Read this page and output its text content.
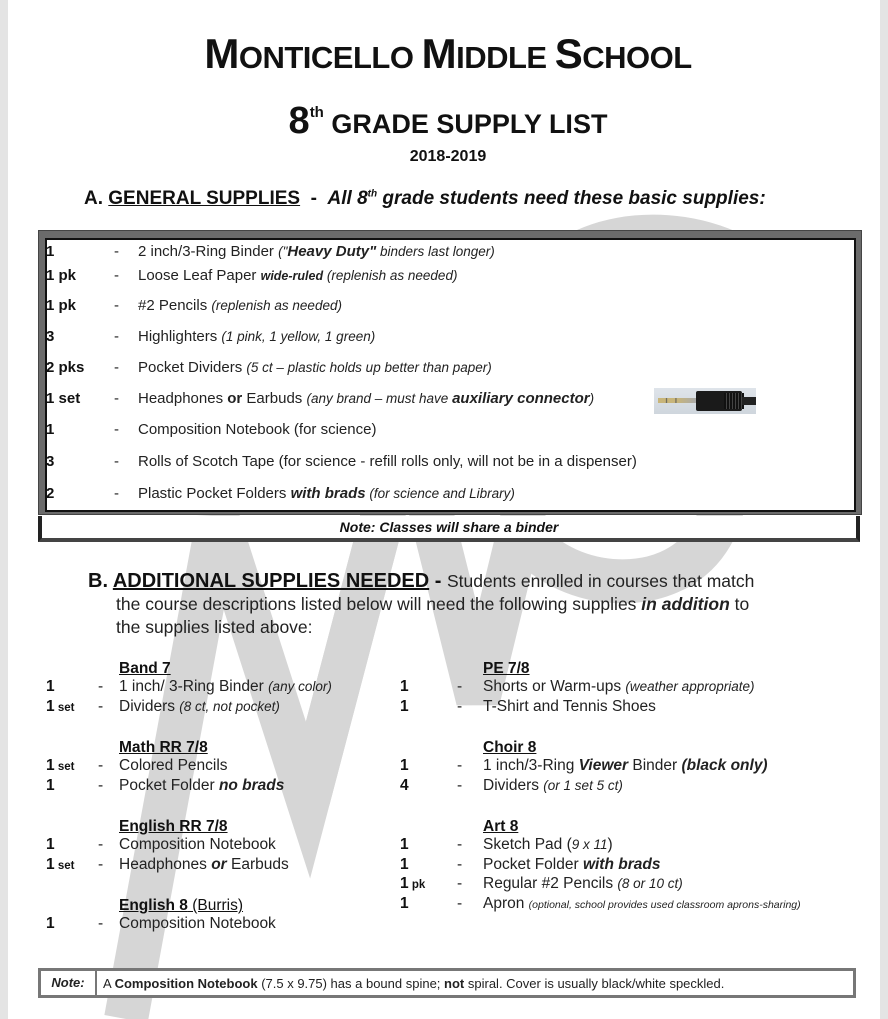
MONTICELLO MIDDLE SCHOOL
8th GRADE SUPPLY LIST
2018-2019
A. GENERAL SUPPLIES - All 8th grade students need these basic supplies:
1	- 2 inch/3-Ring Binder ("Heavy Duty" binders last longer)
1 pk	- Loose Leaf Paper wide-ruled (replenish as needed)
1 pk	- #2 Pencils (replenish as needed)
3	- Highlighters (1 pink, 1 yellow, 1 green)
2 pks	- Pocket Dividers (5 ct – plastic holds up better than paper)
1 set	- Headphones or Earbuds (any brand – must have auxiliary connector)
1	- Composition Notebook (for science)
3	- Rolls of Scotch Tape (for science - refill rolls only, will not be in a dispenser)
2	- Plastic Pocket Folders with brads (for science and Library)
Note: Classes will share a binder
B. ADDITIONAL SUPPLIES NEEDED - Students enrolled in courses that match
the course descriptions listed below will need the following supplies in addition to
the supplies listed above:
Band 7
1	- 1 inch/ 3-Ring Binder (any color)
1 set - Dividers (8 ct, not pocket)
Math RR 7/8
1 set - Colored Pencils
1	- Pocket Folder no brads
English RR 7/8
1	- Composition Notebook
1 set - Headphones or Earbuds
English 8 (Burris)
1	- Composition Notebook
PE 7/8
1	- Shorts or Warm-ups (weather appropriate)
1	- T-Shirt and Tennis Shoes
Choir 8
1	- 1 inch/3-Ring Viewer Binder (black only)
4	- Dividers (or 1 set 5 ct)
Art 8
1	- Sketch Pad (9 x 11)
1	- Pocket Folder with brads
1 pk - Regular #2 Pencils (8 or 10 ct)
1	- Apron (optional, school provides used classroom aprons-sharing)
Note:	A Composition Notebook (7.5 x 9.75) has a bound spine; not spiral. Cover is usually black/white speckled.
